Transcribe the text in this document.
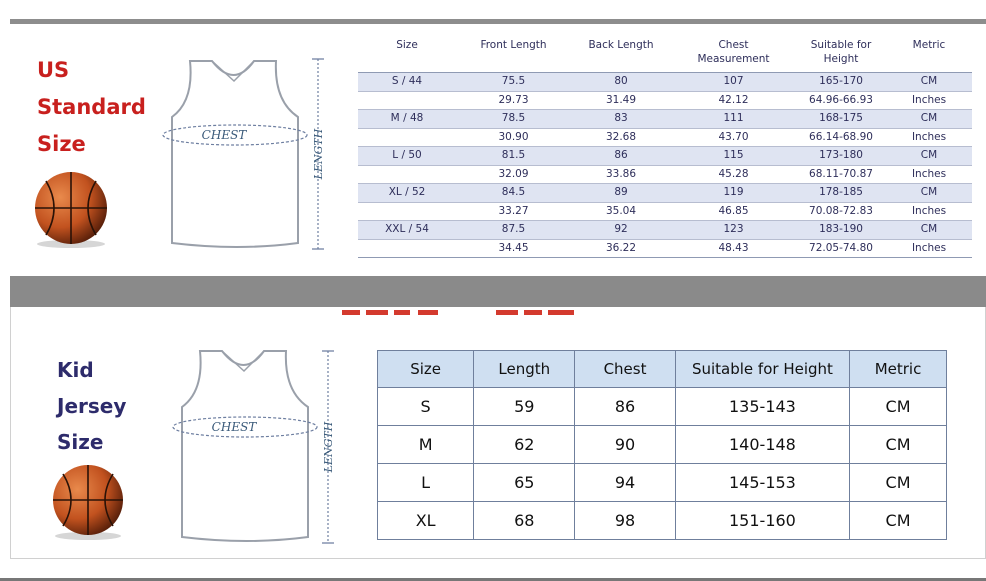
US
Standard
Size	CHEST	LENGTH
Size	Front Length	Back Length	Chest Measurement	Suitable for Height	Metric
S / 44	75.5	80	107	165-170	CM
	29.73	31.49	42.12	64.96-66.93	Inches
M / 48	78.5	83	111	168-175	CM
	30.90	32.68	43.70	66.14-68.90	Inches
L / 50	81.5	86	115	173-180	CM
	32.09	33.86	45.28	68.11-70.87	Inches
XL / 52	84.5	89	119	178-185	CM
	33.27	35.04	46.85	70.08-72.83	Inches
XXL / 54	87.5	92	123	183-190	CM
	34.45	36.22	48.43	72.05-74.80	Inches
Kid
Jersey
Size
CHEST	LENGTH
Size	Length	Chest	Suitable for Height	Metric
S	59	86	135-143	CM
M	62	90	140-148	CM
L	65	94	145-153	CM
XL	68	98	151-160	CM
